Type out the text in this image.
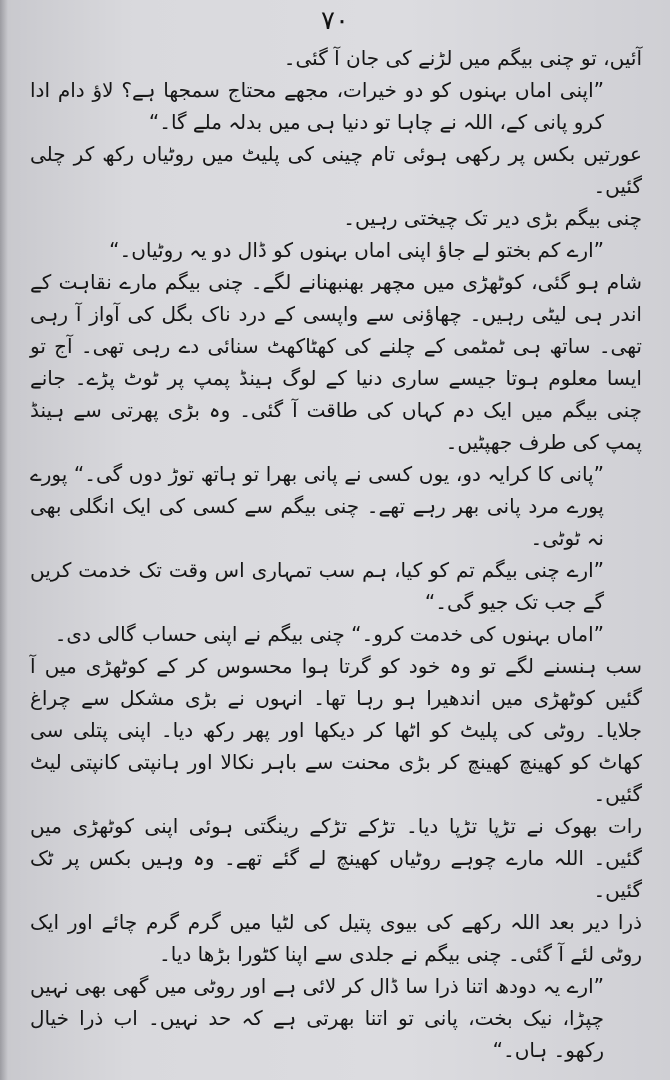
۷۰

آئیں، تو چنی بیگم میں لڑنے کی جان آ گئی۔

”اپنی اماں بہنوں کو دو خیرات، مجھے محتاج سمجھا ہے؟ لاؤ دام ادا کرو پانی کے، اللہ نے چاہا تو دنیا ہی میں بدلہ ملے گا۔“

عورتیں بکس پر رکھی ہوئی تام چینی کی پلیٹ میں روٹیاں رکھ کر چلی گئیں۔

چنی بیگم بڑی دیر تک چیختی رہیں۔

”ارے کم بختو لے جاؤ اپنی اماں بہنوں کو ڈال دو یہ روٹیاں۔“

شام ہو گئی، کوٹھڑی میں مچھر بھنبھنانے لگے۔ چنی بیگم مارے نقاہت کے اندر ہی لیٹی رہیں۔ چھاؤنی سے واپسی کے درد ناک بگل کی آواز آ رہی تھی۔ ساتھ ہی ٹمٹمی کے چلنے کی کھٹاکھٹ سنائی دے رہی تھی۔ آج تو ایسا معلوم ہوتا جیسے ساری دنیا کے لوگ ہینڈ پمپ پر ٹوٹ پڑے۔ جانے چنی بیگم میں ایک دم کہاں کی طاقت آ گئی۔ وہ بڑی پھرتی سے ہینڈ پمپ کی طرف جھپٹیں۔

”پانی کا کرایہ دو، یوں کسی نے پانی بھرا تو ہاتھ توڑ دوں گی۔“ پورے پورے مرد پانی بھر رہے تھے۔ چنی بیگم سے کسی کی ایک انگلی بھی نہ ٹوٹی۔

”ارے چنی بیگم تم کو کیا، ہم سب تمہاری اس وقت تک خدمت کریں گے جب تک جیو گی۔“

”اماں بہنوں کی خدمت کرو۔“ چنی بیگم نے اپنی حساب گالی دی۔

سب ہنسنے لگے تو وہ خود کو گرتا ہوا محسوس کر کے کوٹھڑی میں آ گئیں کوٹھڑی میں اندھیرا ہو رہا تھا۔ انہوں نے بڑی مشکل سے چراغ جلایا۔ روٹی کی پلیٹ کو اٹھا کر دیکھا اور پھر رکھ دیا۔ اپنی پتلی سی کھاٹ کو کھینچ کھینچ کر بڑی محنت سے باہر نکالا اور ہانپتی کانپتی لیٹ گئیں۔

رات بھوک نے تڑپا تڑپا دیا۔ تڑکے تڑکے رینگتی ہوئی اپنی کوٹھڑی میں گئیں۔ اللہ مارے چوہے روٹیاں کھینچ لے گئے تھے۔ وہ وہیں بکس پر ٹک گئیں۔

ذرا دیر بعد اللہ رکھے کی بیوی پتیل کی لٹیا میں گرم گرم چائے اور ایک روٹی لئے آ گئی۔ چنی بیگم نے جلدی سے اپنا کٹورا بڑھا دیا۔

”ارے یہ دودھ اتنا ذرا سا ڈال کر لائی ہے اور روٹی میں گھی بھی نہیں چپڑا، نیک بخت، پانی تو اتنا بھرتی ہے کہ حد نہیں۔ اب ذرا خیال رکھو۔ ہاں۔“
